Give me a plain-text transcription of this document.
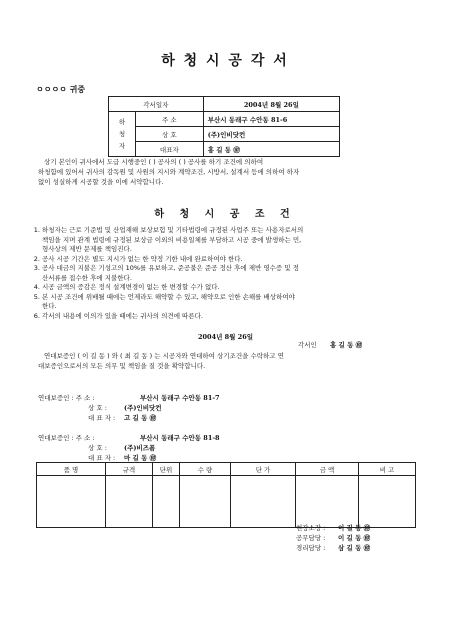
하 청 시 공 각 서
ㅇㅇㅇㅇ 귀중
각서일자		2004년 8월 26일

하
청
자	주 소	부산시 동래구 수안동 81-6
	상 호	(주)인비닷컨
	대표자	홍 길 동 ㊞
상기 본인이 귀사에서 도급 시행중인 ( ) 공사의 ( ) 공사를 하기 조건에 의하여
하청함에 있어서 귀사의 감독원 및 사원의 지시와 계약조건, 시방서, 설계서 등에 의하여 하자
없이 성실하게 시공할 것을 이에 서약합니다.
하 청 시 공 조 건
1. 하청자는 근로 기준법 및 산업재해 보상보험 및 기타법령에 규정된 사업주 또는 사용자로서의
책임을 지며 관계 법령에 규정된 보상금 이외의 비용일체를 부담하고 시공 중에 발생하는 민,
형사상의 제반 문제를 책임진다.
2. 공사 시공 기간은 별도 지시가 없는 한 약정 기한 내에 완료하여야 한다.
3. 공사 대금의 지불은 기성고의 10%를 유보하고, 준공불은 준공 정산 후에 제반 영수증 및 정
산서류를 접수한 후에 지불한다.
4. 시공 금액의 증감은 정식 설계변경이 없는 한 변경할 수가 없다.
5. 본 시공 조건에 위배될 때에는 언제라도 해약할 수 있고, 해약으로 인한 손해를 배상하여야
한다.
6. 각서의 내용에 이의가 있을 때에는 귀사의 의견에 따른다.
2004년 8월 26일
각서인 홍 길 동 ㊞
연대보증인 ( 이 길 동 ) 와 ( 최 길 동 ) 는 시공자와 연대하여 상기조건을 수락하고 연
대보증인으로서의 모든 의무 및 책임을 질 것을 확약합니다.
연대보증인 : 주 소 :	부산시 동래구 수안동 81-7
상 호 :	(주)인비닷컨
대 표 자 : 고 길 동 ㊞
연대보증인 : 주 소 :	부산시 동래구 수안동 81-8
상 호 :	(주)비즈폼
대 표 자 : 마 길 동 ㊞
품 명	규격	단위	수 량	단 가	금 액	비 고

현장소장 : 이 길 동 ㊞
공무담당 : 이 길 동 ㊞
경리담당 : 삼 길 동 ㊞
